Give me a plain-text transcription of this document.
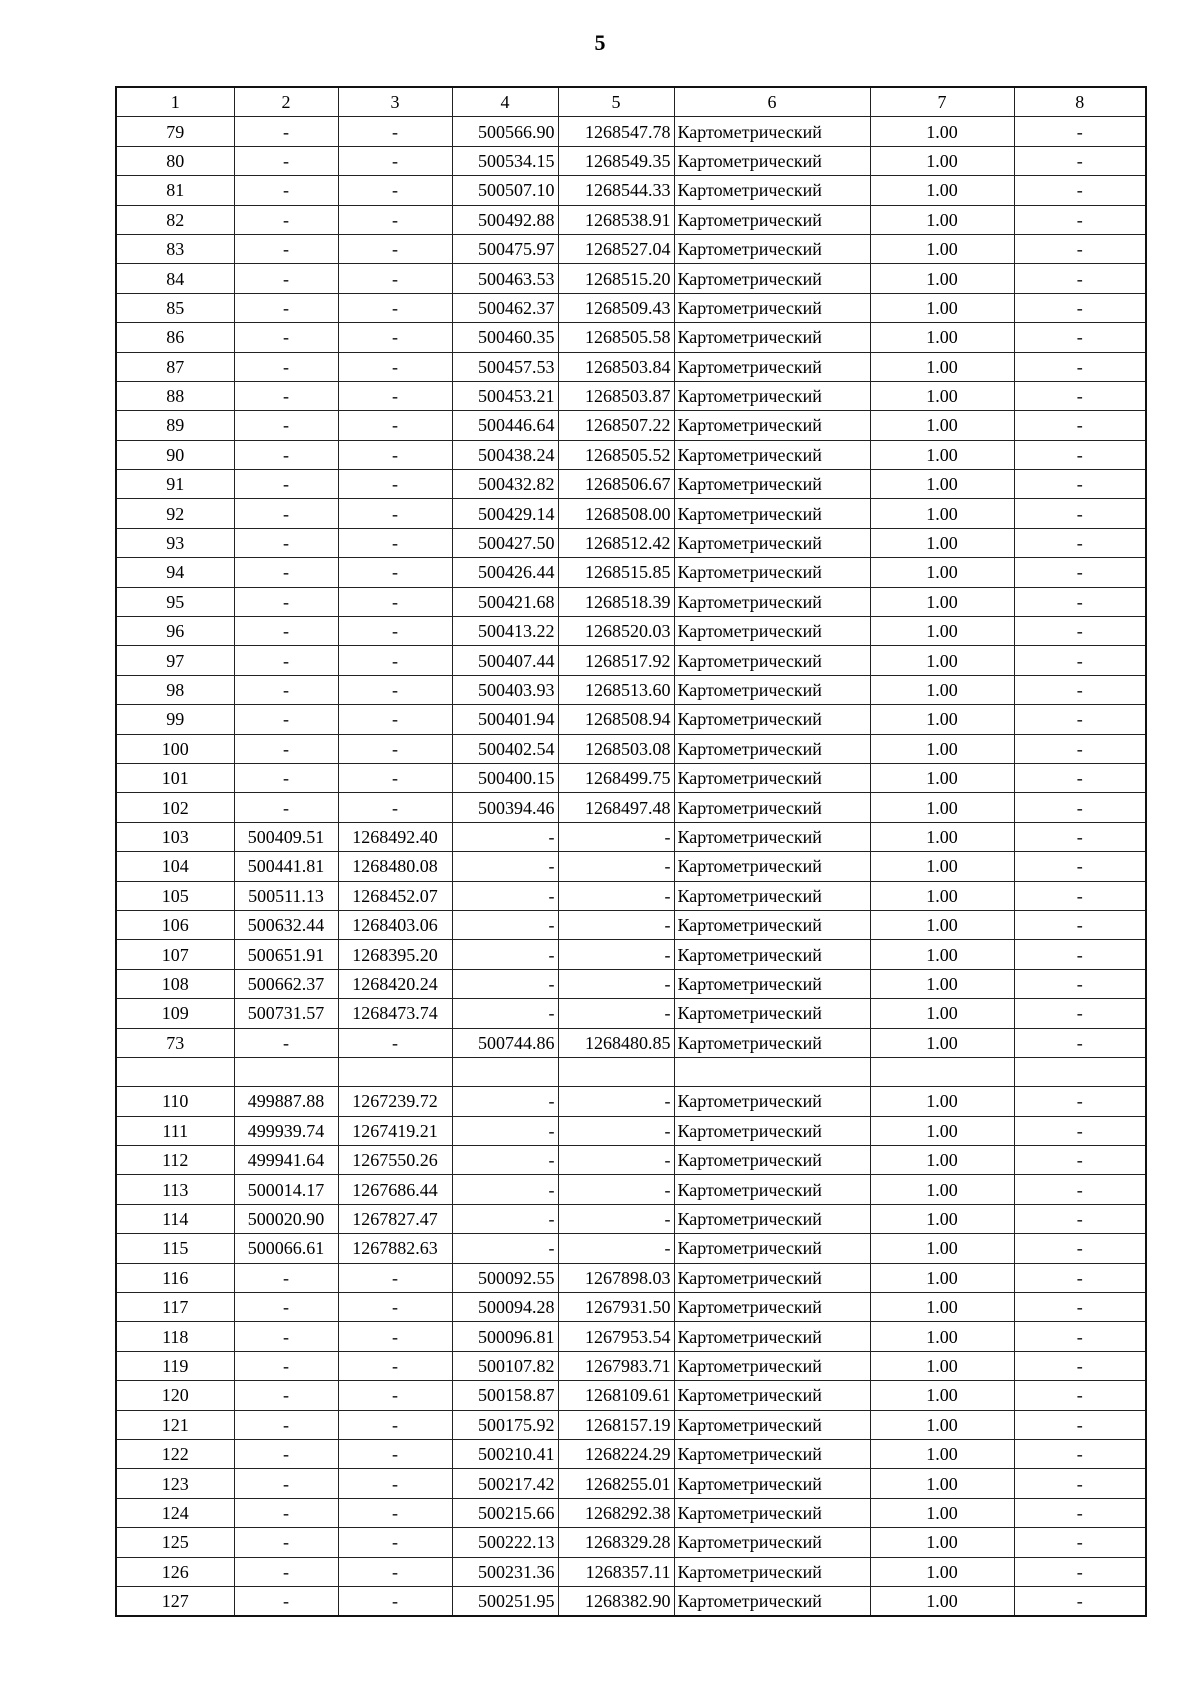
5
1	2	3	4	5	6	7	8
79	-	-	500566.90	1268547.78	Картометрический	1.00	-
80	-	-	500534.15	1268549.35	Картометрический	1.00	-
81	-	-	500507.10	1268544.33	Картометрический	1.00	-
82	-	-	500492.88	1268538.91	Картометрический	1.00	-
83	-	-	500475.97	1268527.04	Картометрический	1.00	-
84	-	-	500463.53	1268515.20	Картометрический	1.00	-
85	-	-	500462.37	1268509.43	Картометрический	1.00	-
86	-	-	500460.35	1268505.58	Картометрический	1.00	-
87	-	-	500457.53	1268503.84	Картометрический	1.00	-
88	-	-	500453.21	1268503.87	Картометрический	1.00	-
89	-	-	500446.64	1268507.22	Картометрический	1.00	-
90	-	-	500438.24	1268505.52	Картометрический	1.00	-
91	-	-	500432.82	1268506.67	Картометрический	1.00	-
92	-	-	500429.14	1268508.00	Картометрический	1.00	-
93	-	-	500427.50	1268512.42	Картометрический	1.00	-
94	-	-	500426.44	1268515.85	Картометрический	1.00	-
95	-	-	500421.68	1268518.39	Картометрический	1.00	-
96	-	-	500413.22	1268520.03	Картометрический	1.00	-
97	-	-	500407.44	1268517.92	Картометрический	1.00	-
98	-	-	500403.93	1268513.60	Картометрический	1.00	-
99	-	-	500401.94	1268508.94	Картометрический	1.00	-
100	-	-	500402.54	1268503.08	Картометрический	1.00	-
101	-	-	500400.15	1268499.75	Картометрический	1.00	-
102	-	-	500394.46	1268497.48	Картометрический	1.00	-
103	500409.51	1268492.40	-	-	Картометрический	1.00	-
104	500441.81	1268480.08	-	-	Картометрический	1.00	-
105	500511.13	1268452.07	-	-	Картометрический	1.00	-
106	500632.44	1268403.06	-	-	Картометрический	1.00	-
107	500651.91	1268395.20	-	-	Картометрический	1.00	-
108	500662.37	1268420.24	-	-	Картометрический	1.00	-
109	500731.57	1268473.74	-	-	Картометрический	1.00	-
73	-	-	500744.86	1268480.85	Картометрический	1.00	-

110	499887.88	1267239.72	-	-	Картометрический	1.00	-
111	499939.74	1267419.21	-	-	Картометрический	1.00	-
112	499941.64	1267550.26	-	-	Картометрический	1.00	-
113	500014.17	1267686.44	-	-	Картометрический	1.00	-
114	500020.90	1267827.47	-	-	Картометрический	1.00	-
115	500066.61	1267882.63	-	-	Картометрический	1.00	-
116	-	-	500092.55	1267898.03	Картометрический	1.00	-
117	-	-	500094.28	1267931.50	Картометрический	1.00	-
118	-	-	500096.81	1267953.54	Картометрический	1.00	-
119	-	-	500107.82	1267983.71	Картометрический	1.00	-
120	-	-	500158.87	1268109.61	Картометрический	1.00	-
121	-	-	500175.92	1268157.19	Картометрический	1.00	-
122	-	-	500210.41	1268224.29	Картометрический	1.00	-
123	-	-	500217.42	1268255.01	Картометрический	1.00	-
124	-	-	500215.66	1268292.38	Картометрический	1.00	-
125	-	-	500222.13	1268329.28	Картометрический	1.00	-
126	-	-	500231.36	1268357.11	Картометрический	1.00	-
127	-	-	500251.95	1268382.90	Картометрический	1.00	-
